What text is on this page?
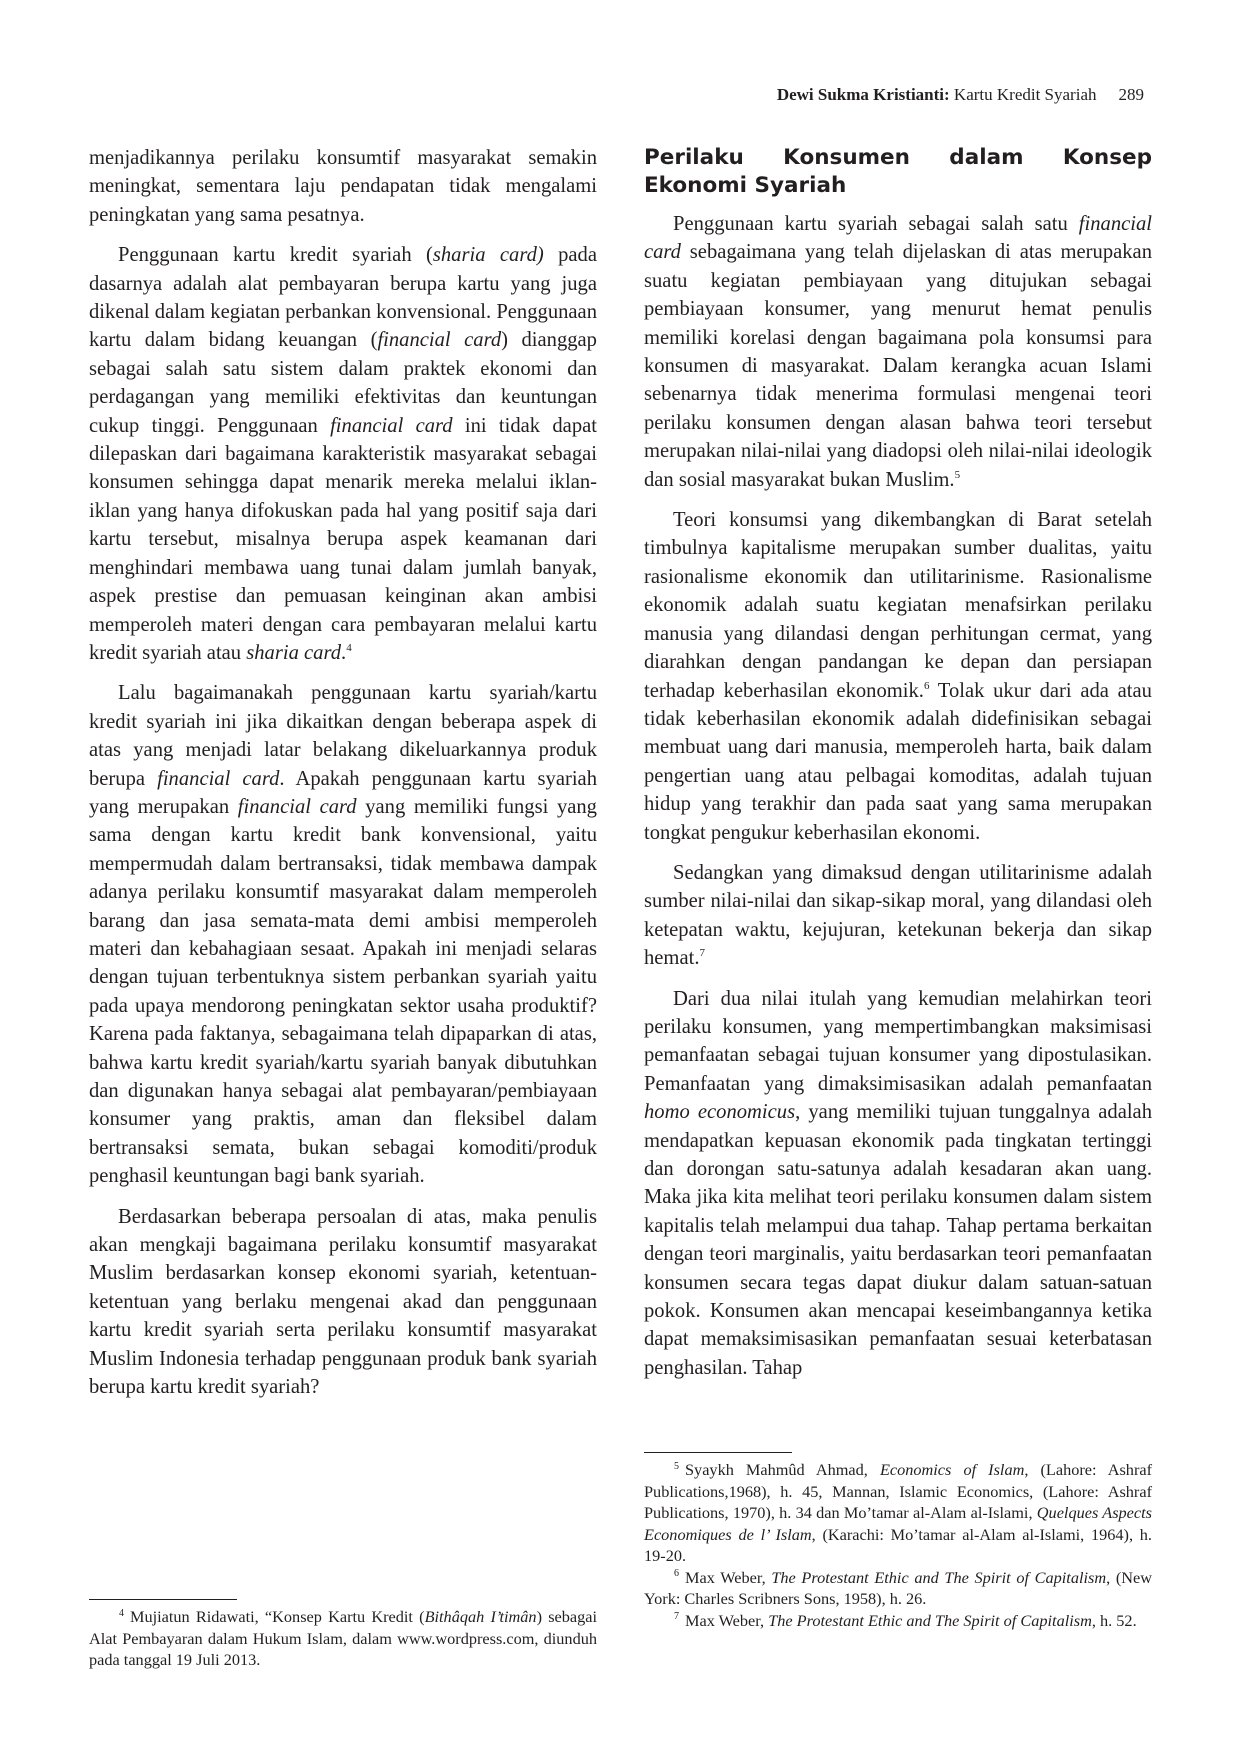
Dewi Sukma Kristianti: Kartu Kredit Syariah 289

menjadikannya perilaku konsumtif masyarakat semakin meningkat, sementara laju pendapatan tidak mengalami peningkatan yang sama pesatnya.

Penggunaan kartu kredit syariah (sharia card) pada dasarnya adalah alat pembayaran berupa kartu yang juga dikenal dalam kegiatan perbankan konvensional. Penggunaan kartu dalam bidang keuangan (financial card) dianggap sebagai salah satu sistem dalam praktek ekonomi dan perdagangan yang memiliki efektivitas dan keuntungan cukup tinggi. Penggunaan financial card ini tidak dapat dilepaskan dari bagaimana karakteristik masyarakat sebagai konsumen sehingga dapat menarik mereka melalui iklan-iklan yang hanya difokuskan pada hal yang positif saja dari kartu tersebut, misalnya berupa aspek keamanan dari menghindari membawa uang tunai dalam jumlah banyak, aspek prestise dan pemuasan keinginan akan ambisi memperoleh materi dengan cara pembayaran melalui kartu kredit syariah atau sharia card.$^4$

Lalu bagaimanakah penggunaan kartu syariah/kartu kredit syariah ini jika dikaitkan dengan beberapa aspek di atas yang menjadi latar belakang dikeluarkannya produk berupa financial card. Apakah penggunaan kartu syariah yang merupakan financial card yang memiliki fungsi yang sama dengan kartu kredit bank konvensional, yaitu mempermudah dalam bertransaksi, tidak membawa dampak adanya perilaku konsumtif masyarakat dalam memperoleh barang dan jasa semata-mata demi ambisi memperoleh materi dan kebahagiaan sesaat. Apakah ini menjadi selaras dengan tujuan terbentuknya sistem perbankan syariah yaitu pada upaya mendorong peningkatan sektor usaha produktif? Karena pada faktanya, sebagaimana telah dipaparkan di atas, bahwa kartu kredit syariah/kartu syariah banyak dibutuhkan dan digunakan hanya sebagai alat pembayaran/pembiayaan konsumer yang praktis, aman dan fleksibel dalam bertransaksi semata, bukan sebagai komoditi/produk penghasil keuntungan bagi bank syariah.

Berdasarkan beberapa persoalan di atas, maka penulis akan mengkaji bagaimana perilaku konsumtif masyarakat Muslim berdasarkan konsep ekonomi syariah, ketentuan-ketentuan yang berlaku mengenai akad dan penggunaan kartu kredit syariah serta perilaku konsumtif masyarakat Muslim Indonesia terhadap penggunaan produk bank syariah berupa kartu kredit syariah?

Perilaku Konsumen dalam Konsep Ekonomi Syariah

Penggunaan kartu syariah sebagai salah satu financial card sebagaimana yang telah dijelaskan di atas merupakan suatu kegiatan pembiayaan yang ditujukan sebagai pembiayaan konsumer, yang menurut hemat penulis memiliki korelasi dengan bagaimana pola konsumsi para konsumen di masyarakat. Dalam kerangka acuan Islami sebenarnya tidak menerima formulasi mengenai teori perilaku konsumen dengan alasan bahwa teori tersebut merupakan nilai-nilai yang diadopsi oleh nilai-nilai ideologik dan sosial masyarakat bukan Muslim.$^5$

Teori konsumsi yang dikembangkan di Barat setelah timbulnya kapitalisme merupakan sumber dualitas, yaitu rasionalisme ekonomik dan utilitarinisme. Rasionalisme ekonomik adalah suatu kegiatan menafsirkan perilaku manusia yang dilandasi dengan perhitungan cermat, yang diarahkan dengan pandangan ke depan dan persiapan terhadap keberhasilan ekonomik.$^6$ Tolak ukur dari ada atau tidak keberhasilan ekonomik adalah didefinisikan sebagai membuat uang dari manusia, memperoleh harta, baik dalam pengertian uang atau pelbagai komoditas, adalah tujuan hidup yang terakhir dan pada saat yang sama merupakan tongkat pengukur keberhasilan ekonomi.

Sedangkan yang dimaksud dengan utilitarinisme adalah sumber nilai-nilai dan sikap-sikap moral, yang dilandasi oleh ketepatan waktu, kejujuran, ketekunan bekerja dan sikap hemat.$^7$

Dari dua nilai itulah yang kemudian melahirkan teori perilaku konsumen, yang mempertimbangkan maksimisasi pemanfaatan sebagai tujuan konsumer yang dipostulasikan. Pemanfaatan yang dimaksimisasikan adalah pemanfaatan homo economicus, yang memiliki tujuan tunggalnya adalah mendapatkan kepuasan ekonomik pada tingkatan tertinggi dan dorongan satu-satunya adalah kesadaran akan uang. Maka jika kita melihat teori perilaku konsumen dalam sistem kapitalis telah melampui dua tahap. Tahap pertama berkaitan dengan teori marginalis, yaitu berdasarkan teori pemanfaatan konsumen secara tegas dapat diukur dalam satuan-satuan pokok. Konsumen akan mencapai keseimbangannya ketika dapat memaksimisasikan pemanfaatan sesuai keterbatasan penghasilan. Tahap

$^4$ Mujiatun Ridawati, “Konsep Kartu Kredit (Bithâqah I’timân) sebagai Alat Pembayaran dalam Hukum Islam, dalam www.wordpress.com, diunduh pada tanggal 19 Juli 2013.

$^5$ Syaykh Mahmûd Ahmad, Economics of Islam, (Lahore: Ashraf Publications,1968), h. 45, Mannan, Islamic Economics, (Lahore: Ashraf Publications, 1970), h. 34 dan Mo’tamar al-Alam al-Islami, Quelques Aspects Economiques de l’ Islam, (Karachi: Mo’tamar al-Alam al-Islami, 1964), h. 19-20.

$^6$ Max Weber, The Protestant Ethic and The Spirit of Capitalism, (New York: Charles Scribners Sons, 1958), h. 26.

$^7$ Max Weber, The Protestant Ethic and The Spirit of Capitalism, h. 52.
